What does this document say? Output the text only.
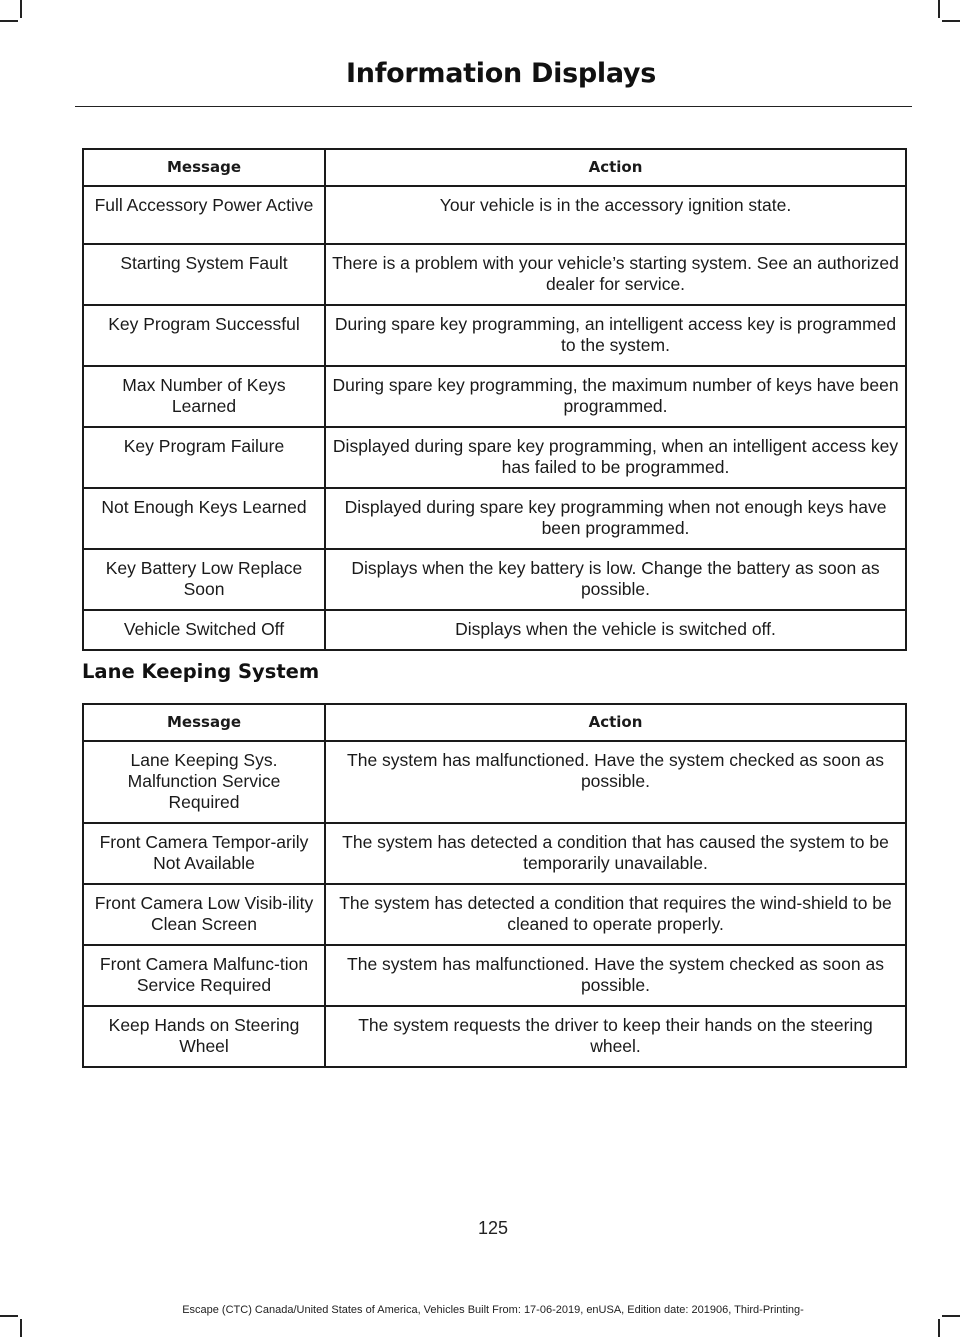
Information Displays
Message	Action
Full Accessory Power Active	Your vehicle is in the accessory ignition state.
Starting System Fault	There is a problem with your vehicle’s starting system. See an authorized dealer for service.
Key Program Successful	During spare key programming, an intelligent access key is programmed to the system.
Max Number of Keys Learned	During spare key programming, the maximum number of keys have been programmed.
Key Program Failure	Displayed during spare key programming, when an intelligent access key has failed to be programmed.
Not Enough Keys Learned	Displayed during spare key programming when not enough keys have been programmed.
Key Battery Low Replace Soon	Displays when the key battery is low. Change the battery as soon as possible.
Vehicle Switched Off	Displays when the vehicle is switched off.
Lane Keeping System
Message	Action
Lane Keeping Sys. Malfunction Service Required	The system has malfunctioned. Have the system checked as soon as possible.
Front Camera Tempor-arily Not Available	The system has detected a condition that has caused the system to be temporarily unavailable.
Front Camera Low Visib-ility Clean Screen	The system has detected a condition that requires the wind-shield to be cleaned to operate properly.
Front Camera Malfunc-tion Service Required	The system has malfunctioned. Have the system checked as soon as possible.
Keep Hands on Steering Wheel	The system requests the driver to keep their hands on the steering wheel.
125
Escape (CTC) Canada/United States of America, Vehicles Built From: 17-06-2019, enUSA, Edition date: 201906, Third-Printing-
